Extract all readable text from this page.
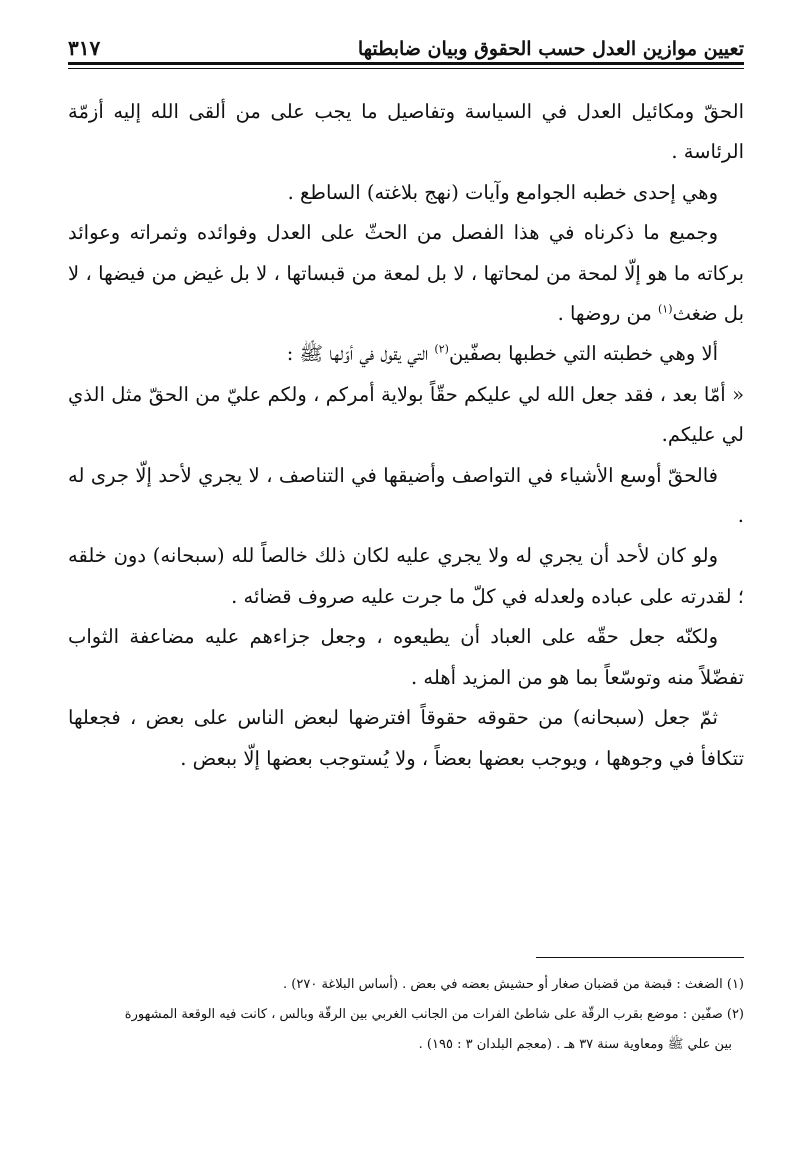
تعيين موازين العدل حسب الحقوق وبيان ضابطتها
٣١٧

الحقّ ومكائيل العدل في السياسة وتفاصيل ما يجب على من ألقى الله إليه أزمّة الرئاسة .

وهي إحدى خطبه الجوامع وآيات (نهج بلاغته) الساطع .

وجميع ما ذكرناه في هذا الفصل من الحثّ على العدل وفوائده وثمراته وعوائد بركاته ما هو إلّا لمحة من لمحاتها ، لا بل لمعة من قبساتها ، لا بل غيض من فيضها ، لا بل ضغث$^{(١)}$ من روضها .

ألا وهي خطبته التي خطبها بصفّين$^{(٢)}$ التي يقول في أوّلها ﷺ :

« أمّا بعد ، فقد جعل الله لي عليكم حقّاً بولاية أمركم ، ولكم عليّ من الحقّ مثل الذي لي عليكم.

فالحقّ أوسع الأشياء في التواصف وأضيقها في التناصف ، لا يجري لأحد إلّا جرى له .

ولو كان لأحد أن يجري له ولا يجري عليه لكان ذلك خالصاً لله (سبحانه) دون خلقه ؛ لقدرته على عباده ولعدله في كلّ ما جرت عليه صروف قضائه .

ولكنّه جعل حقّه على العباد أن يطيعوه ، وجعل جزاءهم عليه مضاعفة الثواب تفضّلاً منه وتوسّعاً بما هو من المزيد أهله .

ثمّ جعل (سبحانه) من حقوقه حقوقاً افترضها لبعض الناس على بعض ، فجعلها تتكافأ في وجوهها ، ويوجب بعضها بعضاً ، ولا يُستوجب بعضها إلّا ببعض .

(١) الضغث : قبضة من قضبان صغار أو حشيش بعضه في بعض . (أساس البلاغة ٢٧٠) .

(٢) صفّين : موضع بقرب الرقّة على شاطئ الفرات من الجانب الغربي بين الرقّة وبالس ، كانت فيه الوقعة المشهورة

بين علي ﷺ ومعاوية سنة ٣٧ هـ . (معجم البلدان ٣ : ١٩٥) .
